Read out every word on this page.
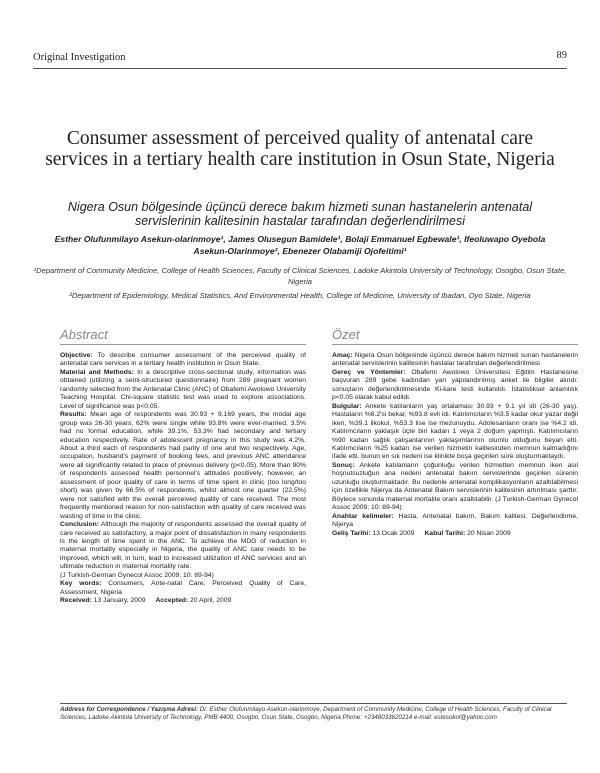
Original Investigation	89
Consumer assessment of perceived quality of antenatal care services in a tertiary health care institution in Osun State, Nigeria
Nigera Osun bölgesinde üçüncü derece bakım hizmeti sunan hastanelerin antenatal servislerinin kalitesinin hastalar tarafından değerlendirilmesi
Esther Olufunmilayo Asekun-olarinmoye¹, James Olusegun Bamidele¹, Bolaji Emmanuel Egbewale¹, Ifeoluwapo Oyebola Asekun-Olarinmoye², Ebenezer Olabamiji Ojofeitimi¹
¹Department of Community Medicine, College of Health Sciences, Faculty of Clinical Sciences, Ladoke Akintola University of Technology, Osogbo, Osun State, Nigeria
²Department of Epidemiology, Medical Statistics, And Environmental Health, College of Medicine, University of Ibadan, Oyo State, Nigeria
Abstract	Özet

Objective: To describe consumer assessment of the perceived quality of antenatal care services in a tertiary health institution in Osun State.

Material and Methods: In a descriptive cross-sectional study, information was obtained (utilizing a semi-structured questionnaire) from 289 pregnant women randomly selected from the Antenatal Clinic (ANC) of Obafemi Awolowo University Teaching Hospital. Chi-square statistic test was used to explore associations. Level of significance was p<0.05.

Results: Mean age of respondents was 30.93 + 9.169 years, the modal age group was 26-30 years, 62% were single while 93.8% were ever-married, 3.5% had no formal education, while 39.1%, 53.3% had secondary and tertiary education respectively. Rate of adolescent pregnancy in this study was 4.2%. About a third each of respondents had parity of one and two respectively. Age, occupation, husband's payment of booking fees, and previous ANC attendance were all significantly related to place of previous delivery (p<0.05). More than 90% of respondents assessed health personnel's attitudes positively; however, an assessment of poor quality of care in terms of time spent in clinic (too long/too short) was given by 66.5% of respondents, whilst almost one quarter (22.5%) were not satisfied with the overall perceived quality of care received. The most frequently mentioned reason for non-satisfaction with quality of care received was wasting of time in the clinic.

Conclusion: Although the majority of respondents assessed the overall quality of care received as satisfactory, a major point of dissatisfaction in many respondents is the length of time spent in the ANC. To achieve the MDG of reduction in maternal mortality especially in Nigeria, the quality of ANC care needs to be improved, which will, in turn, lead to increased utilization of ANC services and an ultimate reduction in maternal mortality rate.

(J Turkish-German Gynecol Assoc 2009; 10: 89-94)

Key words: Consumers, Ante-natal Care, Perceived Quality of Care, Assessment, Nigeria

Received: 13 January, 2009 Accepted: 20 April, 2009

Amaç: Nigera Osun bölgesinde üçüncü derece bakım hizmeti sunan hastanelerin antenatal servislerinin kalitesinin hastalar tarafından değerlendirilmesi

Gereç ve Yöntemler: Obafemi Awolowo Üniversitesi Eğitim Hastanesine başvuran 289 gebe kadından yarı yapılandırılmış anket ile bilgiler alındı: sonuçların değerlendirilmesinde Ki-kare testi kullanıldı. İstatistiksel anlamlılık p<0.05 olarak kabul edildi.

Bulgular: Ankete katılanların yaş ortalaması 30.93 + 9.1 yıl idi (26-30 yaş). Hastaların %6.2'si bekar, %93.8 evli idi. Katılımcıların %3.5 kadar okur yazar değil iken, %39.1 ilkokul, %53.3 lise ise mezunuydu. Adolesanların oranı ise %4.2 idi. Katılımcıların yaklaşık üçte biri kadarı 1 veya 2 doğum yapmıştı. Katılımcıların %90 kadarı sağlık çalışanlarının yaklaşımlarının olumlu olduğunu beyan etti. Katılımcıların %25 kadarı ise verilen hizmetin kalitesinden memnun kalmadığını ifade etti. bunun en sık nedeni ise klinikte boşa geçirilen süre oluşturmaktaydı.

Sonuç: Ankete katılanların çoğunluğu verilen hizmetten memnun iken asıl hoşnutsuzluğun ana nedeni antenatal bakım servislerinde geçirilen sürenin uzunluğu oluşturmaktadır. Bu nedenle antenatal komplikasyonların azaltılabilmesi için özellikle Nijerya da Antenatal Bakım servislerinin kalitesinin artırılması şarttır. Böylece sonunda maternal mortalite oranı azaltılabilir. (J Turkish-German Gynecol Assoc 2009; 10: 89-94)

Anahtar kelimeler: Hasta, Antenatal bakım, Bakım kalitesi, Değerlendirme, Nijerya

Geliş Tarihi: 13 Ocak 2009 Kabul Tarihi: 20 Nisan 2009

Address for Correspondence / Yazışma Adresi: Dr. Esther Olufunmilayo Asekun-olarinmoye, Department of Community Medicine, College of Health Sciences, Faculty of Clinical Sciences, Ladoke Akintola University of Technology, PMB 4400, Osogbo, Osun State, Osogbo, Nigeria Phone: +2348033620214 e-mail: estesokol@yahoo.com
